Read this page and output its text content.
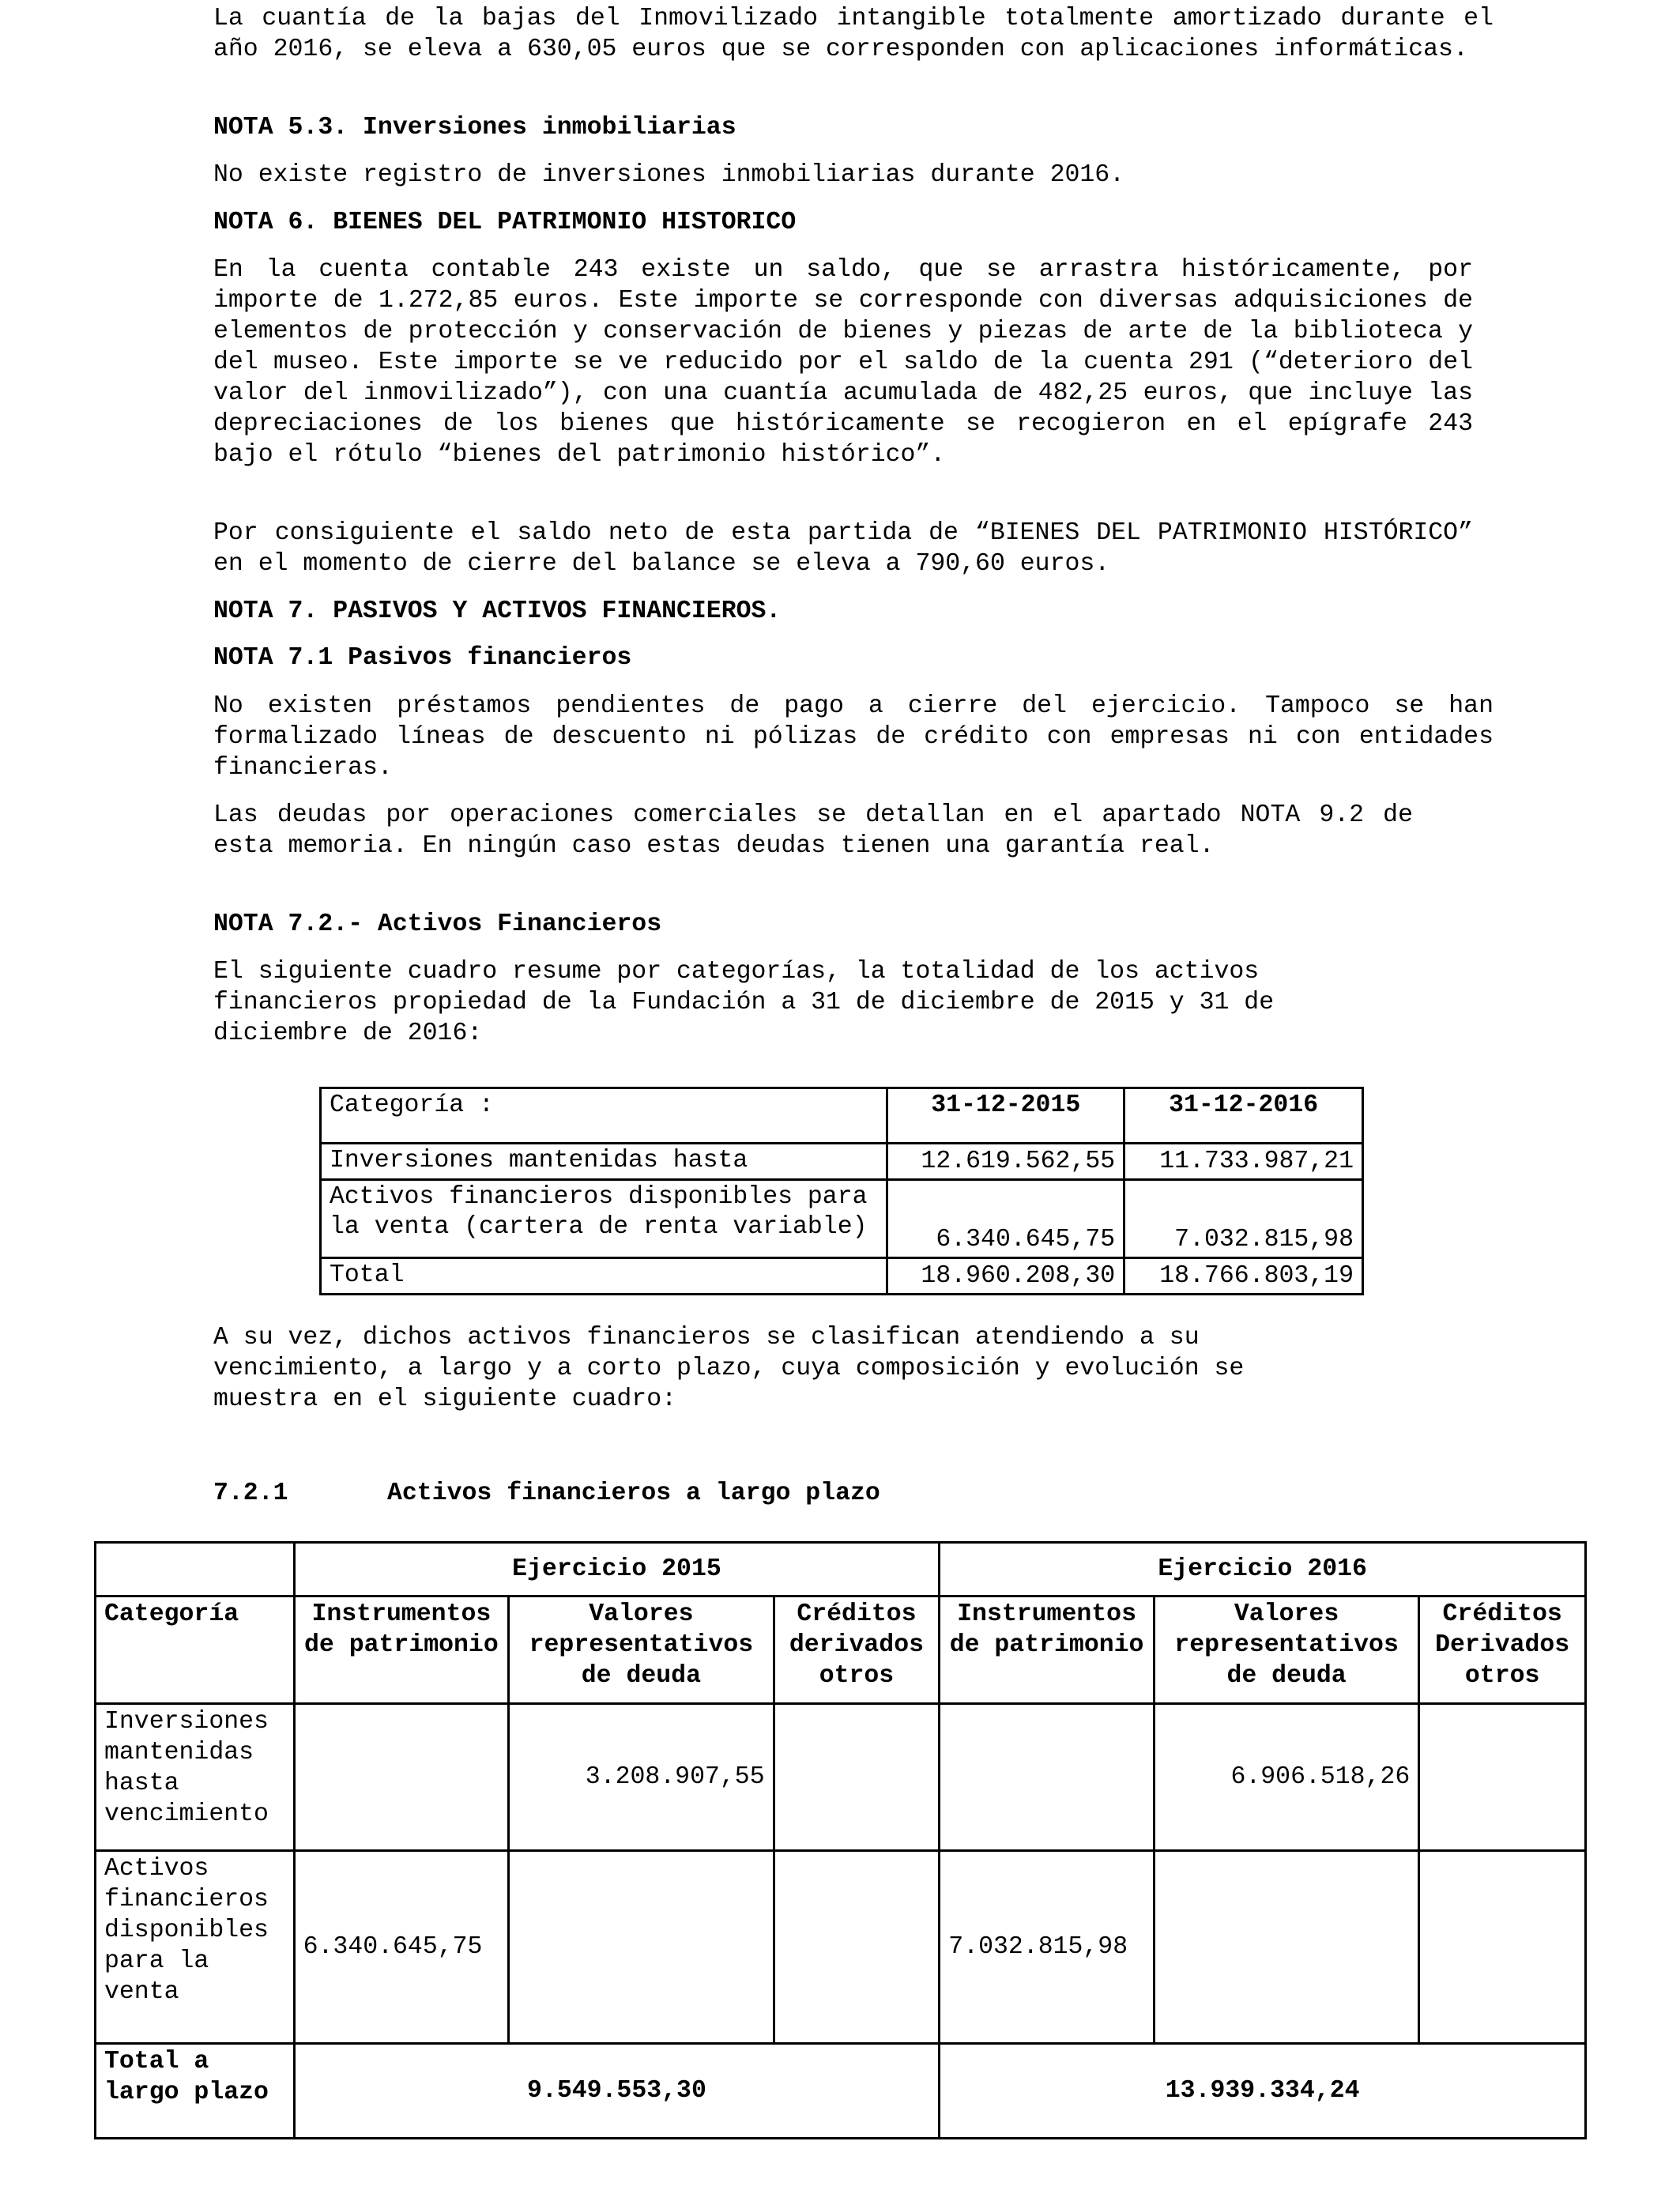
La cuantía de la bajas del Inmovilizado intangible totalmente amortizado durante el año 2016, se eleva a 630,05 euros que se corresponden con aplicaciones informáticas.

NOTA 5.3. Inversiones inmobiliarias

No existe registro de inversiones inmobiliarias durante 2016.

NOTA 6. BIENES DEL PATRIMONIO HISTORICO

En la cuenta contable 243 existe un saldo, que se arrastra históricamente, por importe de 1.272,85 euros. Este importe se corresponde con diversas adquisiciones de elementos de protección y conservación de bienes y piezas de arte de la biblioteca y del museo. Este importe se ve reducido por el saldo de la cuenta 291 (“deterioro del valor del inmovilizado”), con una cuantía acumulada de 482,25 euros, que incluye las depreciaciones de los bienes que históricamente se recogieron en el epígrafe 243 bajo el rótulo “bienes del patrimonio histórico”.

Por consiguiente el saldo neto de esta partida de “BIENES DEL PATRIMONIO HISTÓRICO” en el momento de cierre del balance se eleva a 790,60 euros.

NOTA 7. PASIVOS Y ACTIVOS FINANCIEROS.

NOTA 7.1 Pasivos financieros

No existen préstamos pendientes de pago a cierre del ejercicio. Tampoco se han formalizado líneas de descuento ni pólizas de crédito con empresas ni con entidades financieras.

Las deudas por operaciones comerciales se detallan en el apartado NOTA 9.2 de esta memoria. En ningún caso estas deudas tienen una garantía real.

NOTA 7.2.- Activos Financieros

El siguiente cuadro resume por categorías, la totalidad de los activos financieros propiedad de la Fundación a 31 de diciembre de 2015 y 31 de diciembre de 2016:

A su vez, dichos activos financieros se clasifican atendiendo a su vencimiento, a largo y a corto plazo, cuya composición y evolución se muestra en el siguiente cuadro:

Categoría :	31-12-2015	31-12-2016
Inversiones mantenidas hasta	12.619.562,55	11.733.987,21

Activos financieros disponibles para la venta (cartera de renta variable)	6.340.645,75	7.032.815,98
Total	18.960.208,30	18.766.803,19
7.2.1	Activos financieros a largo plazo
	Ejercicio 2015			Ejercicio 2016		
Categoría	Instrumentos de patrimonio	Valores representativos de deuda	Créditos derivados otros	Instrumentos de patrimonio	Valores representativos de deuda	Créditos Derivados otros
Inversiones mantenidas hasta vencimiento		3.208.907,55			6.906.518,26	
Activos financieros disponibles para la venta	6.340.645,75			7.032.815,98		
Total a largo plazo	9.549.553,30			13.939.334,24		
